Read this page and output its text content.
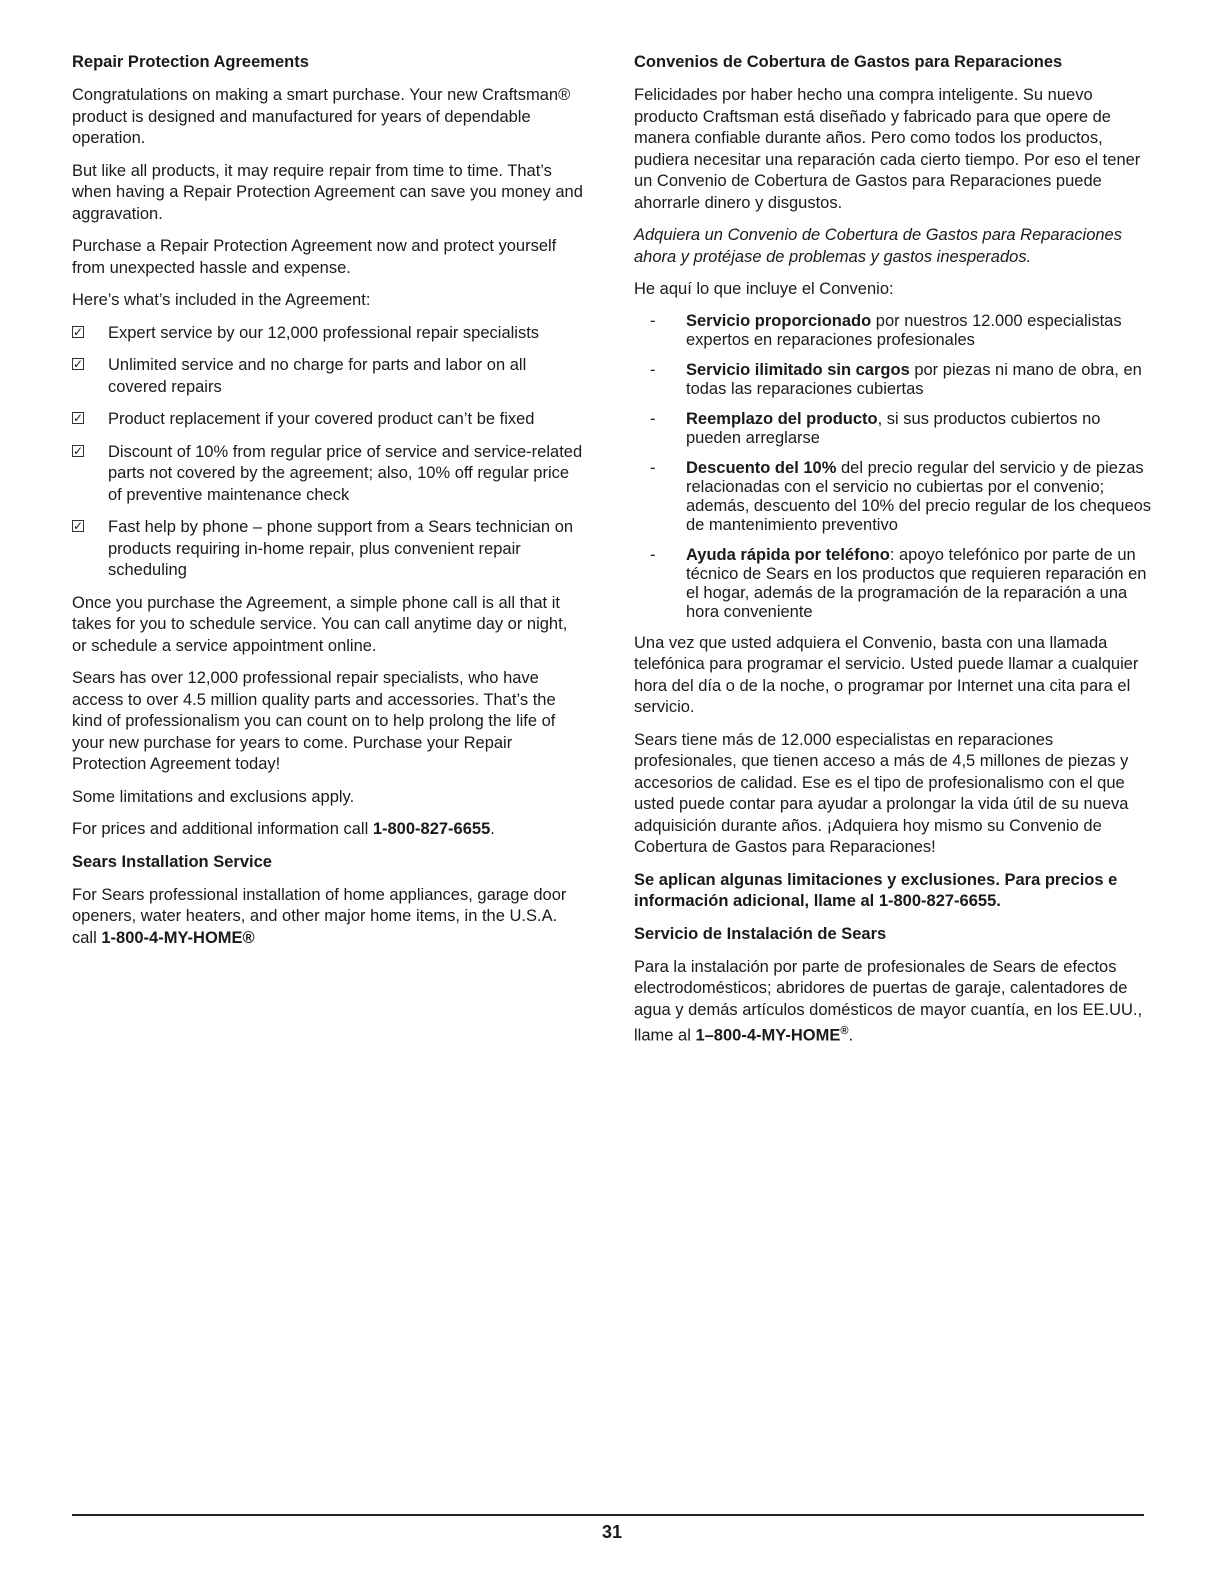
Repair Protection Agreements

Congratulations on making a smart purchase. Your new Craftsman® product is designed and manufactured for years of dependable operation.

But like all products, it may require repair from time to time. That’s when having a Repair Protection Agreement can save you money and aggravation.

Purchase a Repair Protection Agreement now and protect yourself from unexpected hassle and expense.

Here’s what’s included in the Agreement:

✓ Expert service by our 12,000 professional repair specialists
✓ Unlimited service and no charge for parts and labor on all covered repairs
✓ Product replacement if your covered product can’t be fixed
✓ Discount of 10% from regular price of service and service-related parts not covered by the agreement; also, 10% off regular price of preventive maintenance check
✓ Fast help by phone – phone support from a Sears technician on products requiring in-home repair, plus convenient repair scheduling

Once you purchase the Agreement, a simple phone call is all that it takes for you to schedule service. You can call anytime day or night, or schedule a service appointment online.

Sears has over 12,000 professional repair specialists, who have access to over 4.5 million quality parts and accessories. That’s the kind of professionalism you can count on to help prolong the life of your new purchase for years to come. Purchase your Repair Protection Agreement today!

Some limitations and exclusions apply.

For prices and additional information call 1-800-827-6655.

Sears Installation Service

For Sears professional installation of home appliances, garage door openers, water heaters, and other major home items, in the U.S.A. call 1-800-4-MY-HOME®

Convenios de Cobertura de Gastos para Reparaciones

Felicidades por haber hecho una compra inteligente. Su nuevo producto Craftsman está diseñado y fabricado para que opere de manera confiable durante años. Pero como todos los productos, pudiera necesitar una reparación cada cierto tiempo. Por eso el tener un Convenio de Cobertura de Gastos para Reparaciones puede ahorrarle dinero y disgustos.

Adquiera un Convenio de Cobertura de Gastos para Reparaciones ahora y protéjase de problemas y gastos inesperados.

He aquí lo que incluye el Convenio:

- Servicio proporcionado por nuestros 12.000 especialistas expertos en reparaciones profesionales
- Servicio ilimitado sin cargos por piezas ni mano de obra, en todas las reparaciones cubiertas
- Reemplazo del producto, si sus productos cubiertos no pueden arreglarse
- Descuento del 10% del precio regular del servicio y de piezas relacionadas con el servicio no cubiertas por el convenio; además, descuento del 10% del precio regular de los chequeos de mantenimiento preventivo
- Ayuda rápida por teléfono: apoyo telefónico por parte de un técnico de Sears en los productos que requieren reparación en el hogar, además de la programación de la reparación a una hora conveniente

Una vez que usted adquiera el Convenio, basta con una llamada telefónica para programar el servicio. Usted puede llamar a cualquier hora del día o de la noche, o programar por Internet una cita para el servicio.

Sears tiene más de 12.000 especialistas en reparaciones profesionales, que tienen acceso a más de 4,5 millones de piezas y accesorios de calidad. Ese es el tipo de profesionalismo con el que usted puede contar para ayudar a prolongar la vida útil de su nueva adquisición durante años. ¡Adquiera hoy mismo su Convenio de Cobertura de Gastos para Reparaciones!

Se aplican algunas limitaciones y exclusiones. Para precios e información adicional, llame al 1-800-827-6655.

Servicio de Instalación de Sears

Para la instalación por parte de profesionales de Sears de efectos electrodomésticos; abridores de puertas de garaje, calentadores de agua y demás artículos domésticos de mayor cuantía, en los EE.UU., llame al 1–800-4-MY-HOME®.

31
